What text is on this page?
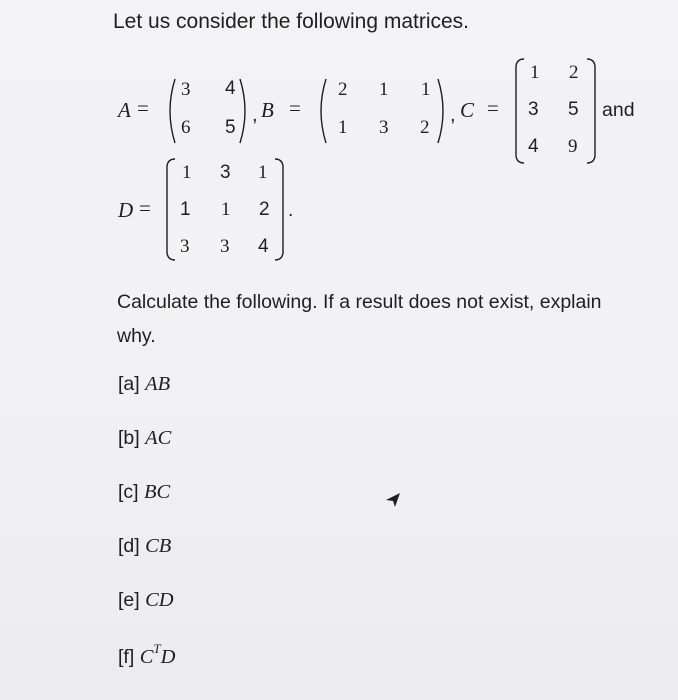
Let us consider the following matrices.
A =
3 4
6 5
, B =
2 1 1
1 3 2
, C =
1 2
3 5
4 9
and
D =
1 3 1
1 1 2
3 3 4
.
Calculate the following. If a result does not exist, explain why.
[a] AB
[b] AC
[c] BC
[d] CB
[e] CD
[f] $C^TD$
